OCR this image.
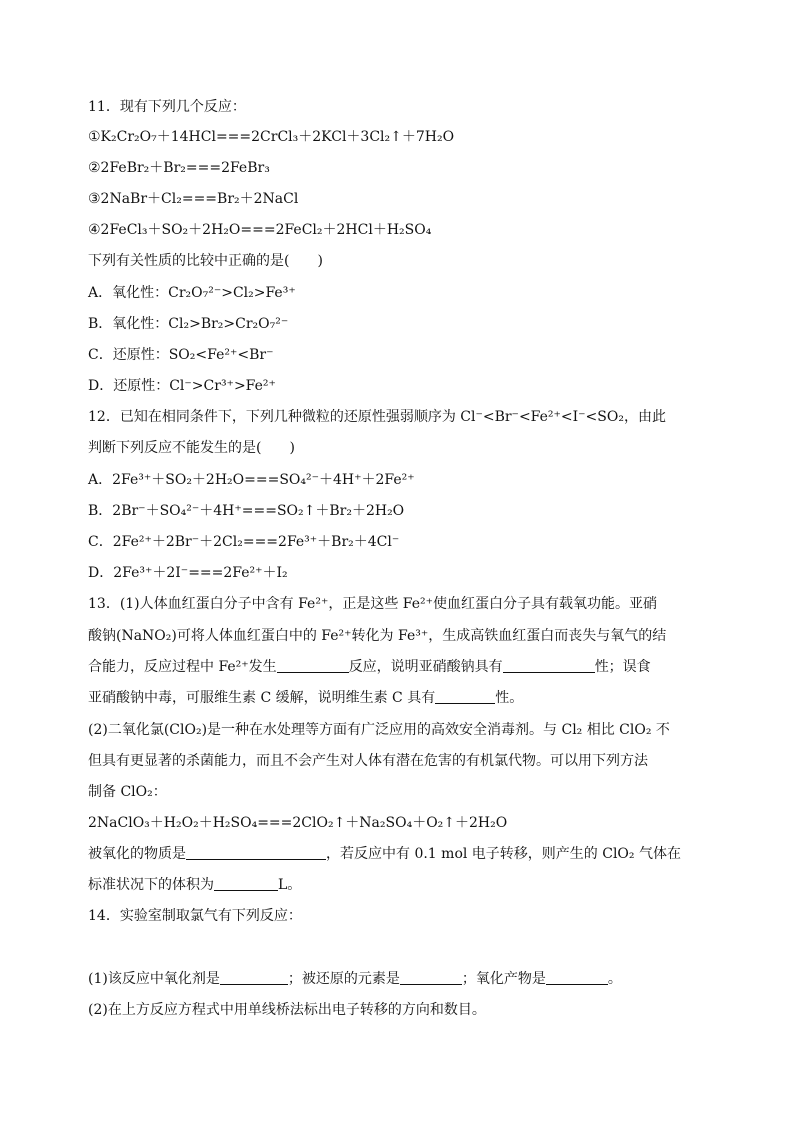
11．现有下列几个反应：
①K₂Cr₂O₇＋14HCl===2CrCl₃＋2KCl＋3Cl₂↑＋7H₂O
②2FeBr₂＋Br₂===2FeBr₃
③2NaBr＋Cl₂===Br₂＋2NaCl
④2FeCl₃＋SO₂＋2H₂O===2FeCl₂＋2HCl＋H₂SO₄
下列有关性质的比较中正确的是(　　)
A．氧化性：Cr₂O₇²⁻>Cl₂>Fe³⁺
B．氧化性：Cl₂>Br₂>Cr₂O₇²⁻
C．还原性：SO₂<Fe²⁺<Br⁻
D．还原性：Cl⁻>Cr³⁺>Fe²⁺
12．已知在相同条件下，下列几种微粒的还原性强弱顺序为 Cl⁻<Br⁻<Fe²⁺<I⁻<SO₂，由此
判断下列反应不能发生的是(　　)
A．2Fe³⁺＋SO₂＋2H₂O===SO₄²⁻＋4H⁺＋2Fe²⁺
B．2Br⁻＋SO₄²⁻＋4H⁺===SO₂↑＋Br₂＋2H₂O
C．2Fe²⁺＋2Br⁻＋2Cl₂===2Fe³⁺＋Br₂＋4Cl⁻
D．2Fe³⁺＋2I⁻===2Fe²⁺＋I₂
13．(1)人体血红蛋白分子中含有 Fe²⁺，正是这些 Fe²⁺使血红蛋白分子具有载氧功能。亚硝
酸钠(NaNO₂)可将人体血红蛋白中的 Fe²⁺转化为 Fe³⁺，生成高铁血红蛋白而丧失与氧气的结
合能力，反应过程中 Fe²⁺发生	反应，说明亚硝酸钠具有	性；误食
亚硝酸钠中毒，可服维生素 C 缓解，说明维生素 C 具有	性。
(2)二氧化氯(ClO₂)是一种在水处理等方面有广泛应用的高效安全消毒剂。与 Cl₂ 相比 ClO₂ 不
但具有更显著的杀菌能力，而且不会产生对人体有潜在危害的有机氯代物。可以用下列方法
制备 ClO₂：
2NaClO₃＋H₂O₂＋H₂SO₄===2ClO₂↑＋Na₂SO₄＋O₂↑＋2H₂O
被氧化的物质是	，若反应中有 0.1 mol 电子转移，则产生的 ClO₂ 气体在
标准状况下的体积为	L。
14．实验室制取氯气有下列反应：
(1)该反应中氧化剂是	；被还原的元素是	；氧化产物是	。
(2)在上方反应方程式中用单线桥法标出电子转移的方向和数目。
